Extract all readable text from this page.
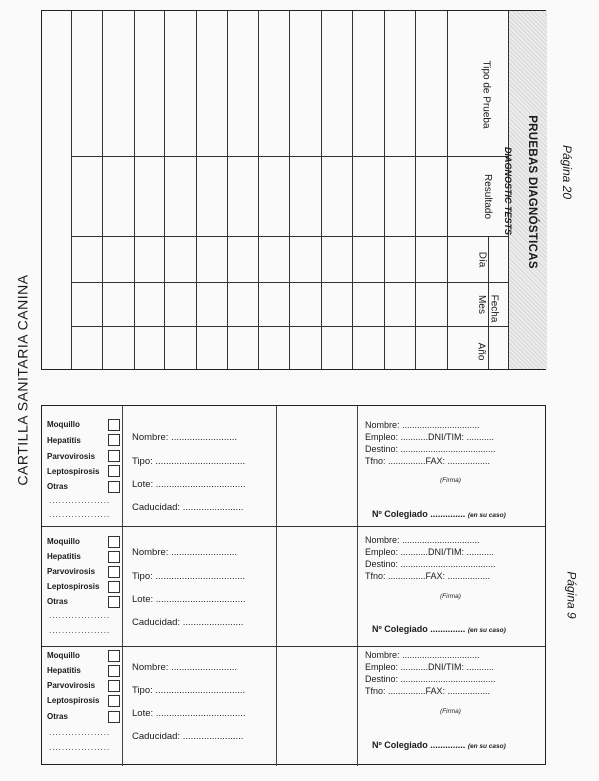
CARTILLA SANITARIA CANINA
Página 20
Página 9
Tipo de Prueba
Resultado
Día
Mes
Año
Fecha
PRUEBAS DIAGNÓSTICAS
DIAGNOSTIC TESTS
Moquillo
Hepatitis
Parvovirosis
Leptospirosis
Otras
...................
...................
Nombre: .........................
Tipo: ..................................
Lote: ..................................
Caducidad: .......................
Nombre: ...............................
Empleo: ...........DNI/TIM: ...........
Destino: ......................................
Tfno: ...............FAX: .................
(Firma)
Nº Colegiado .............. (en su caso)
Moquillo
Hepatitis
Parvovirosis
Leptospirosis
Otras
...................
...................
Nombre: .........................
Tipo: ..................................
Lote: ..................................
Caducidad: .......................
Nombre: ...............................
Empleo: ...........DNI/TIM: ...........
Destino: ......................................
Tfno: ...............FAX: .................
(Firma)
Nº Colegiado .............. (en su caso)
Moquillo
Hepatitis
Parvovirosis
Leptospirosis
Otras
...................
...................
Nombre: .........................
Tipo: ..................................
Lote: ..................................
Caducidad: .......................
Nombre: ...............................
Empleo: ...........DNI/TIM: ...........
Destino: ......................................
Tfno: ...............FAX: .................
(Firma)
Nº Colegiado .............. (en su caso)
